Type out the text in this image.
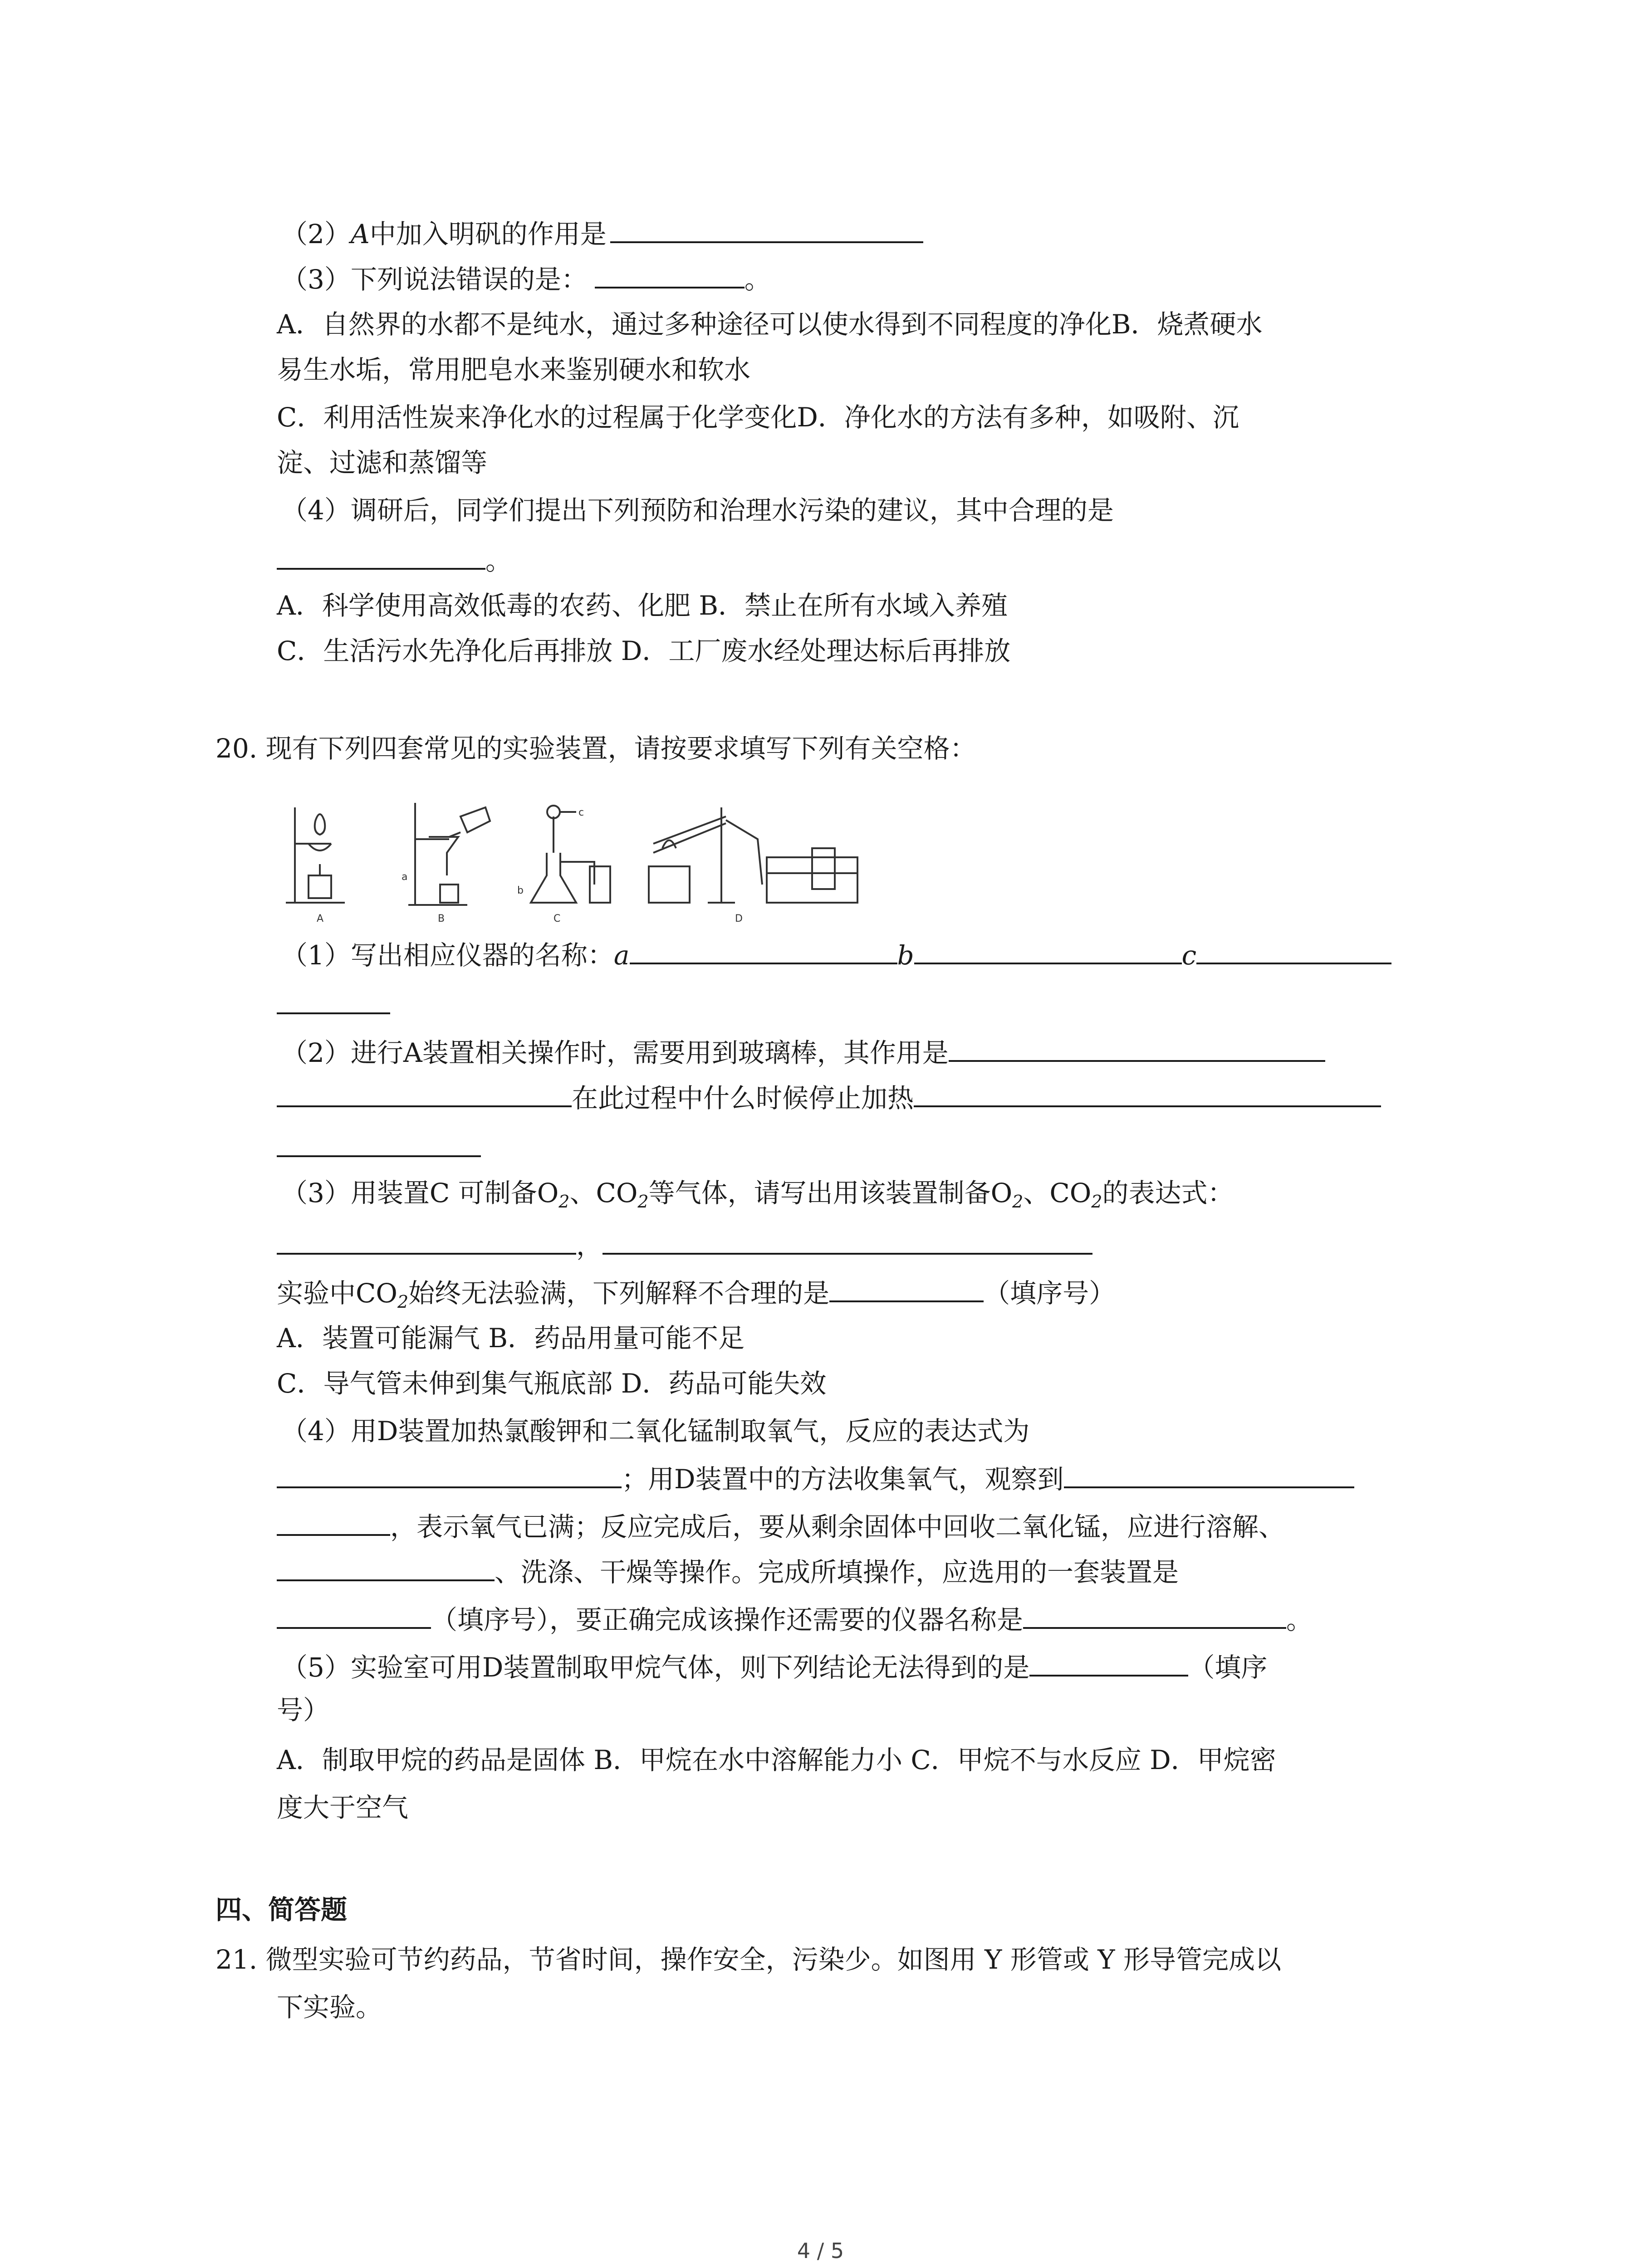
（2）A中加入明矾的作用是
（3）下列说法错误的是：	。
A．自然界的水都不是纯水，通过多种途径可以使水得到不同程度的净化B．烧煮硬水
易生水垢，常用肥皂水来鉴别硬水和软水
C．利用活性炭来净化水的过程属于化学变化D．净化水的方法有多种，如吸附、沉
淀、过滤和蒸馏等
（4）调研后，同学们提出下列预防和治理水污染的建议，其中合理的是
。
A．科学使用高效低毒的农药、化肥 B．禁止在所有水域入养殖
C．生活污水先净化后再排放 D．工厂废水经处理达标后再排放
20. 现有下列四套常见的实验装置，请按要求填写下列有关空格：
A	B	C	D
a
b
c
（1）写出相应仪器的名称：a	b	c
（2）进行A装置相关操作时，需要用到玻璃棒，其作用是
在此过程中什么时候停止加热
（3）用装置C 可制备$O_2$、$CO_2$等气体，请写出用该装置制备$O_2$、$CO_2$的表达式：
，
实验中$CO_2$始终无法验满，下列解释不合理的是	（填序号）
A．装置可能漏气 B．药品用量可能不足
C．导气管未伸到集气瓶底部 D．药品可能失效
（4）用D装置加热氯酸钾和二氧化锰制取氧气，反应的表达式为
；用D装置中的方法收集氧气，观察到
，表示氧气已满；反应完成后，要从剩余固体中回收二氧化锰，应进行溶解、
、洗涤、干燥等操作。完成所填操作，应选用的一套装置是
（填序号），要正确完成该操作还需要的仪器名称是	。
（5）实验室可用D装置制取甲烷气体，则下列结论无法得到的是	（填序
号）
A．制取甲烷的药品是固体 B．甲烷在水中溶解能力小 C．甲烷不与水反应 D．甲烷密
度大于空气
四、简答题
21. 微型实验可节约药品，节省时间，操作安全，污染少。如图用 Y 形管或 Y 形导管完成以
下实验。
4 / 5
